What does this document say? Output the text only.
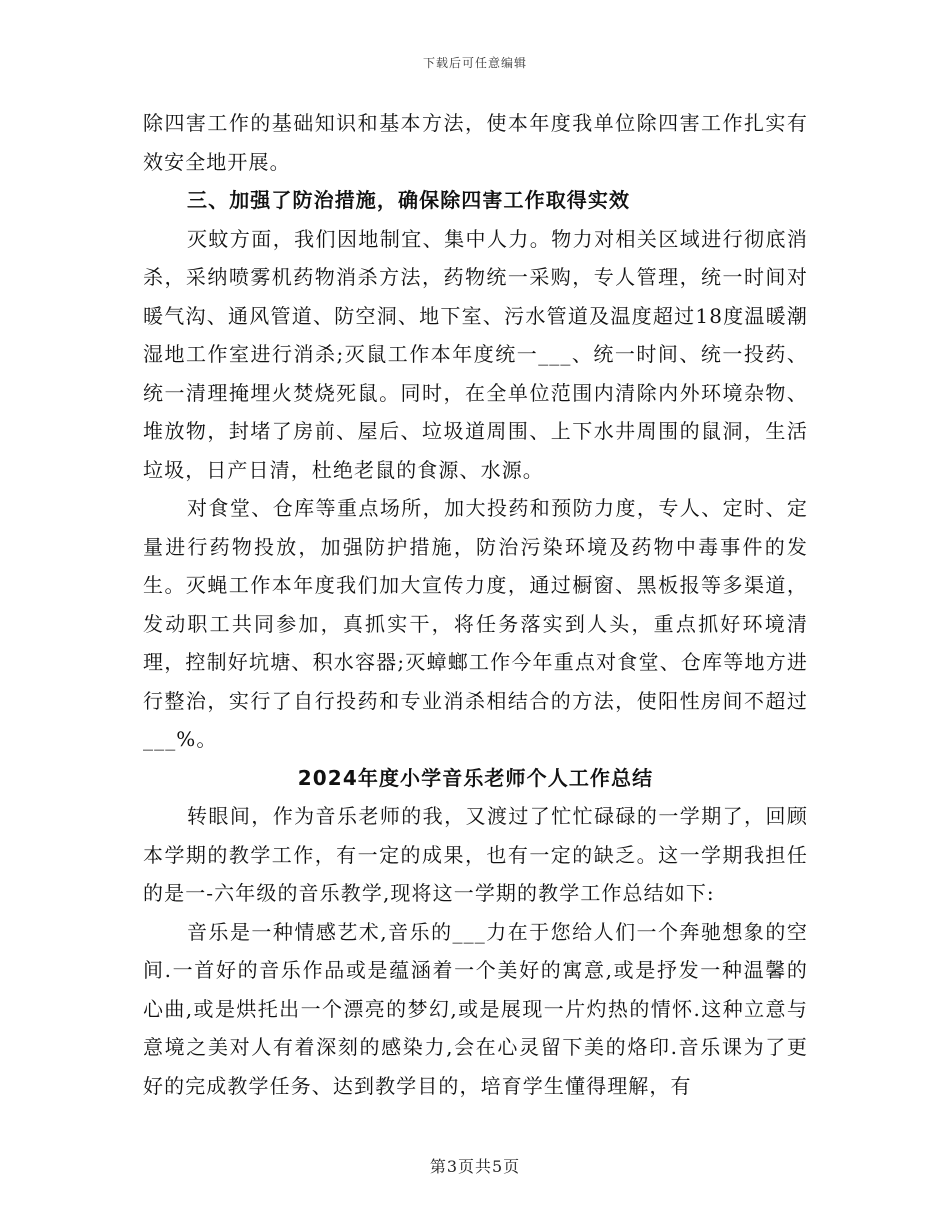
下载后可任意编辑

除四害工作的基础知识和基本方法，使本年度我单位除四害工作扎实有效安全地开展。

三、加强了防治措施，确保除四害工作取得实效

灭蚊方面，我们因地制宜、集中人力。物力对相关区域进行彻底消杀，采纳喷雾机药物消杀方法，药物统一采购，专人管理，统一时间对暖气沟、通风管道、防空洞、地下室、污水管道及温度超过18度温暖潮湿地工作室进行消杀;灭鼠工作本年度统一___、统一时间、统一投药、统一清理掩埋火焚烧死鼠。同时，在全单位范围内清除内外环境杂物、堆放物，封堵了房前、屋后、垃圾道周围、上下水井周围的鼠洞，生活垃圾，日产日清，杜绝老鼠的食源、水源。

对食堂、仓库等重点场所，加大投药和预防力度，专人、定时、定量进行药物投放，加强防护措施，防治污染环境及药物中毒事件的发生。灭蝇工作本年度我们加大宣传力度，通过橱窗、黑板报等多渠道，发动职工共同参加，真抓实干，将任务落实到人头，重点抓好环境清理，控制好坑塘、积水容器;灭蟑螂工作今年重点对食堂、仓库等地方进行整治，实行了自行投药和专业消杀相结合的方法，使阳性房间不超过___%。

2024年度小学音乐老师个人工作总结

转眼间，作为音乐老师的我，又渡过了忙忙碌碌的一学期了，回顾本学期的教学工作，有一定的成果，也有一定的缺乏。这一学期我担任的是一-六年级的音乐教学,现将这一学期的教学工作总结如下:

音乐是一种情感艺术,音乐的___力在于您给人们一个奔驰想象的空间.一首好的音乐作品或是蕴涵着一个美好的寓意,或是抒发一种温馨的心曲,或是烘托出一个漂亮的梦幻,或是展现一片灼热的情怀.这种立意与意境之美对人有着深刻的感染力,会在心灵留下美的烙印.音乐课为了更好的完成教学任务、达到教学目的，培育学生懂得理解，有

第3页共5页
